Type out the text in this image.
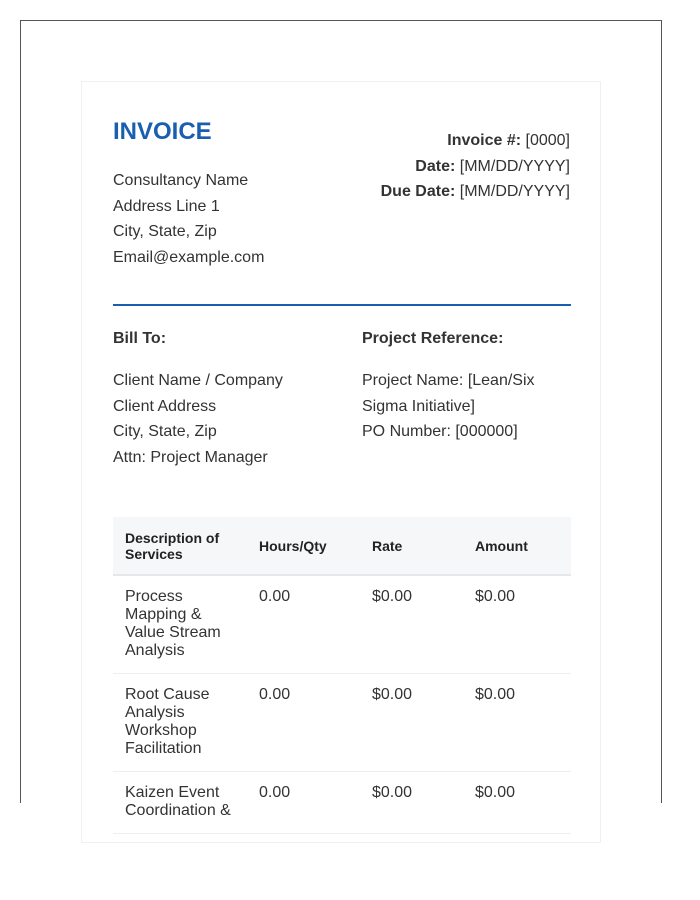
INVOICE
Consultancy Name
Address Line 1
City, State, Zip
Email@example.com
Invoice #: [0000]
Date: [MM/DD/YYYY]
Due Date: [MM/DD/YYYY]
Bill To:	Project Reference:
Client Name / Company
Client Address
City, State, Zip
Attn: Project Manager
Project Name: [Lean/Six Sigma Initiative]
PO Number: [000000]
Description of Services	Hours/Qty	Rate	Amount
Process Mapping & Value Stream Analysis	0.00	$0.00	$0.00
Root Cause Analysis Workshop Facilitation	0.00	$0.00	$0.00
Kaizen Event Coordination &	0.00	$0.00	$0.00
